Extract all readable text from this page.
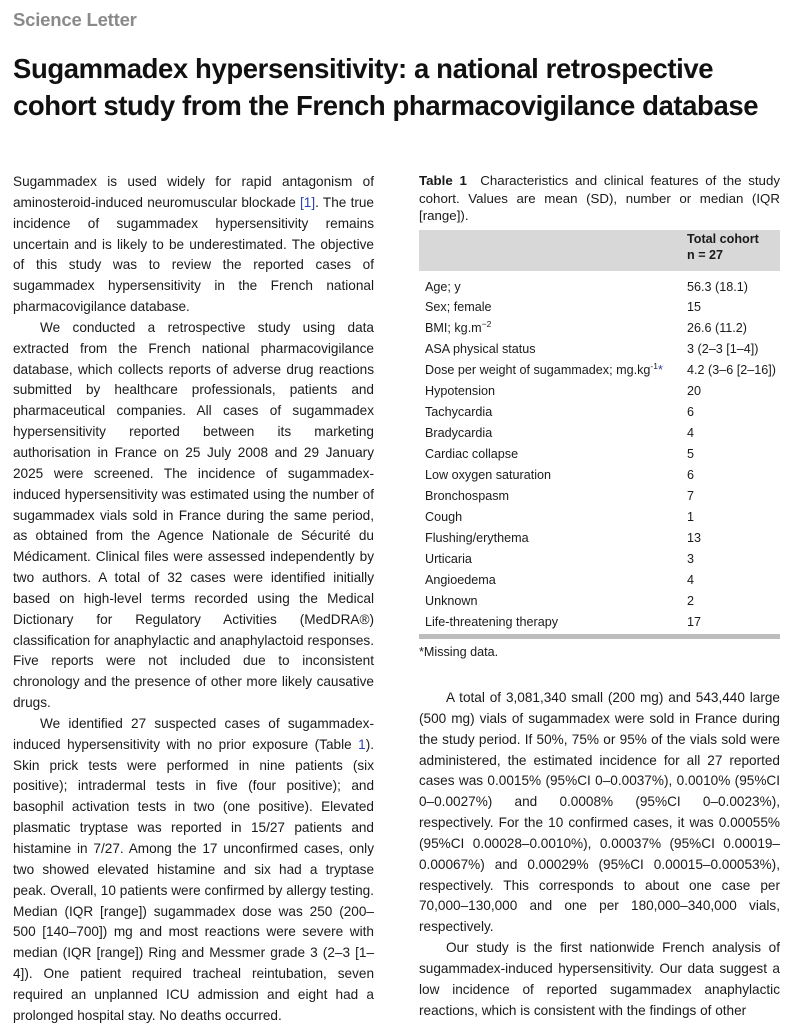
Science Letter
Sugammadex hypersensitivity: a national retrospective cohort study from the French pharmacovigilance database

Sugammadex is used widely for rapid antagonism of aminosteroid-induced neuromuscular blockade [1]. The true incidence of sugammadex hypersensitivity remains uncertain and is likely to be underestimated. The objective of this study was to review the reported cases of sugammadex hypersensitivity in the French national pharmacovigilance database.

We conducted a retrospective study using data extracted from the French national pharmacovigilance database, which collects reports of adverse drug reactions submitted by healthcare professionals, patients and pharmaceutical companies. All cases of sugammadex hypersensitivity reported between its marketing authorisation in France on 25 July 2008 and 29 January 2025 were screened. The incidence of sugammadex-induced hypersensitivity was estimated using the number of sugammadex vials sold in France during the same period, as obtained from the Agence Nationale de Sécurité du Médicament. Clinical files were assessed independently by two authors. A total of 32 cases were identified initially based on high-level terms recorded using the Medical Dictionary for Regulatory Activities (MedDRA®) classification for anaphylactic and anaphylactoid responses. Five reports were not included due to inconsistent chronology and the presence of other more likely causative drugs.

We identified 27 suspected cases of sugammadex-induced hypersensitivity with no prior exposure (Table 1). Skin prick tests were performed in nine patients (six positive); intradermal tests in five (four positive); and basophil activation tests in two (one positive). Elevated plasmatic tryptase was reported in 15/27 patients and histamine in 7/27. Among the 17 unconfirmed cases, only two showed elevated histamine and six had a tryptase peak. Overall, 10 patients were confirmed by allergy testing. Median (IQR [range]) sugammadex dose was 250 (200–500 [140–700]) mg and most reactions were severe with median (IQR [range]) Ring and Messmer grade 3 (2–3 [1–4]). One patient required tracheal reintubation, seven required an unplanned ICU admission and eight had a prolonged hospital stay. No deaths occurred.

Table 1 Characteristics and clinical features of the study cohort. Values are mean (SD), number or median (IQR [range]).

	Total cohort
n = 27

Age; y	56.3 (18.1)
Sex; female	15
BMI; $kg.m^{-2}$	26.6 (11.2)
ASA physical status	3 (2–3 [1–4])
Dose per weight of sugammadex; $mg.kg^{-1}*$	4.2 (3–6 [2–16])
Hypotension	20
Tachycardia	6
Bradycardia	4
Cardiac collapse	5
Low oxygen saturation	6
Bronchospasm	7
Cough	1
Flushing/erythema	13
Urticaria	3
Angioedema	4
Unknown	2
Life-threatening therapy	17
*Missing data.

A total of 3,081,340 small (200 mg) and 543,440 large (500 mg) vials of sugammadex were sold in France during the study period. If 50%, 75% or 95% of the vials sold were administered, the estimated incidence for all 27 reported cases was 0.0015% (95%CI 0–0.0037%), 0.0010% (95%CI 0–0.0027%) and 0.0008% (95%CI 0–0.0023%), respectively. For the 10 confirmed cases, it was 0.00055% (95%CI 0.00028–0.0010%), 0.00037% (95%CI 0.00019–0.00067%) and 0.00029% (95%CI 0.00015–0.00053%), respectively. This corresponds to about one case per 70,000–130,000 and one per 180,000–340,000 vials, respectively.

Our study is the first nationwide French analysis of sugammadex-induced hypersensitivity. Our data suggest a low incidence of reported sugammadex anaphylactic reactions, which is consistent with the findings of other
